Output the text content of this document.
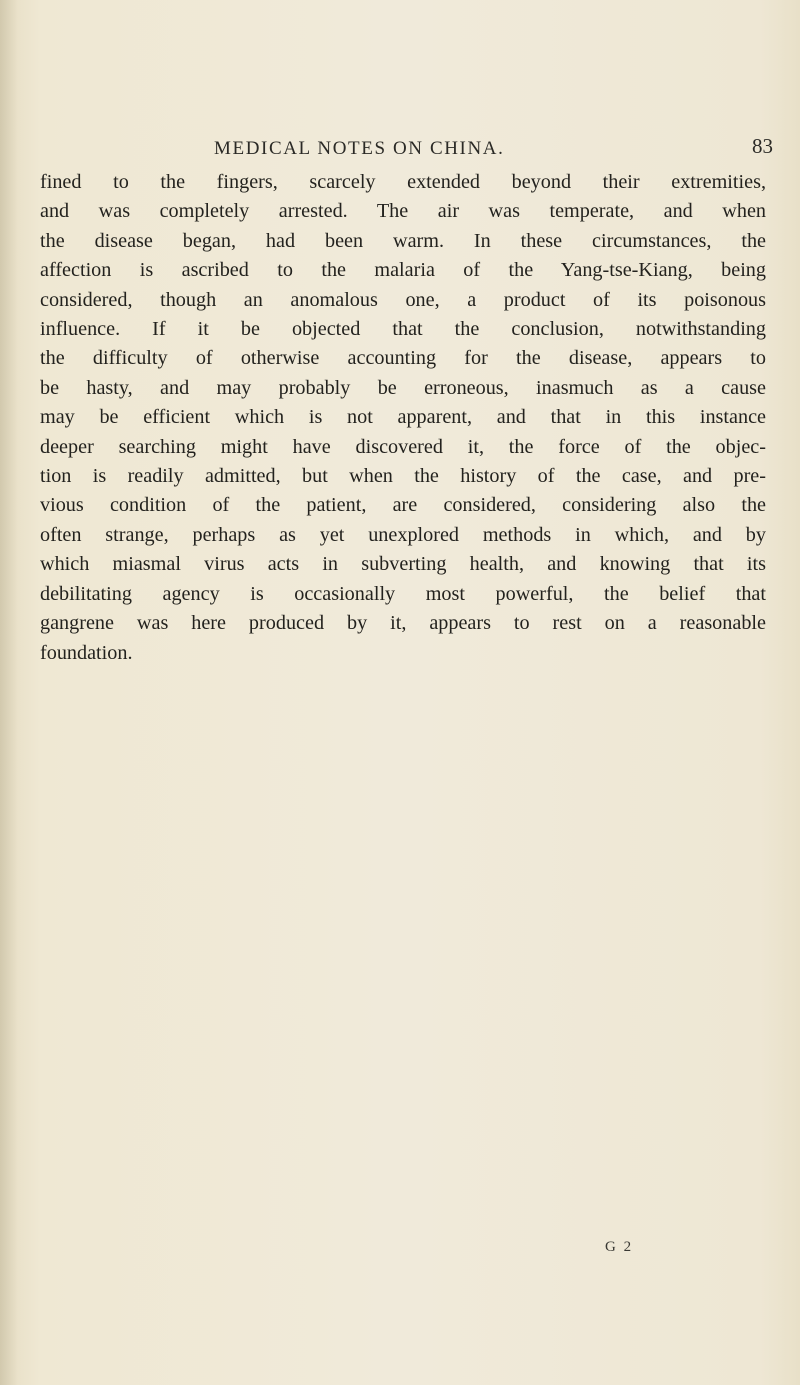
MEDICAL NOTES ON CHINA.	83
fined to the fingers, scarcely extended beyond their extremities,
and was completely arrested. The air was temperate, and when
the disease began, had been warm. In these circumstances, the
affection is ascribed to the malaria of the Yang-tse-Kiang, being
considered, though an anomalous one, a product of its poisonous
influence. If it be objected that the conclusion, notwithstanding
the difficulty of otherwise accounting for the disease, appears to
be hasty, and may probably be erroneous, inasmuch as a cause
may be efficient which is not apparent, and that in this instance
deeper searching might have discovered it, the force of the objec-
tion is readily admitted, but when the history of the case, and pre-
vious condition of the patient, are considered, considering also the
often strange, perhaps as yet unexplored methods in which, and by
which miasmal virus acts in subverting health, and knowing that its
debilitating agency is occasionally most powerful, the belief that
gangrene was here produced by it, appears to rest on a reasonable
foundation.
G 2
